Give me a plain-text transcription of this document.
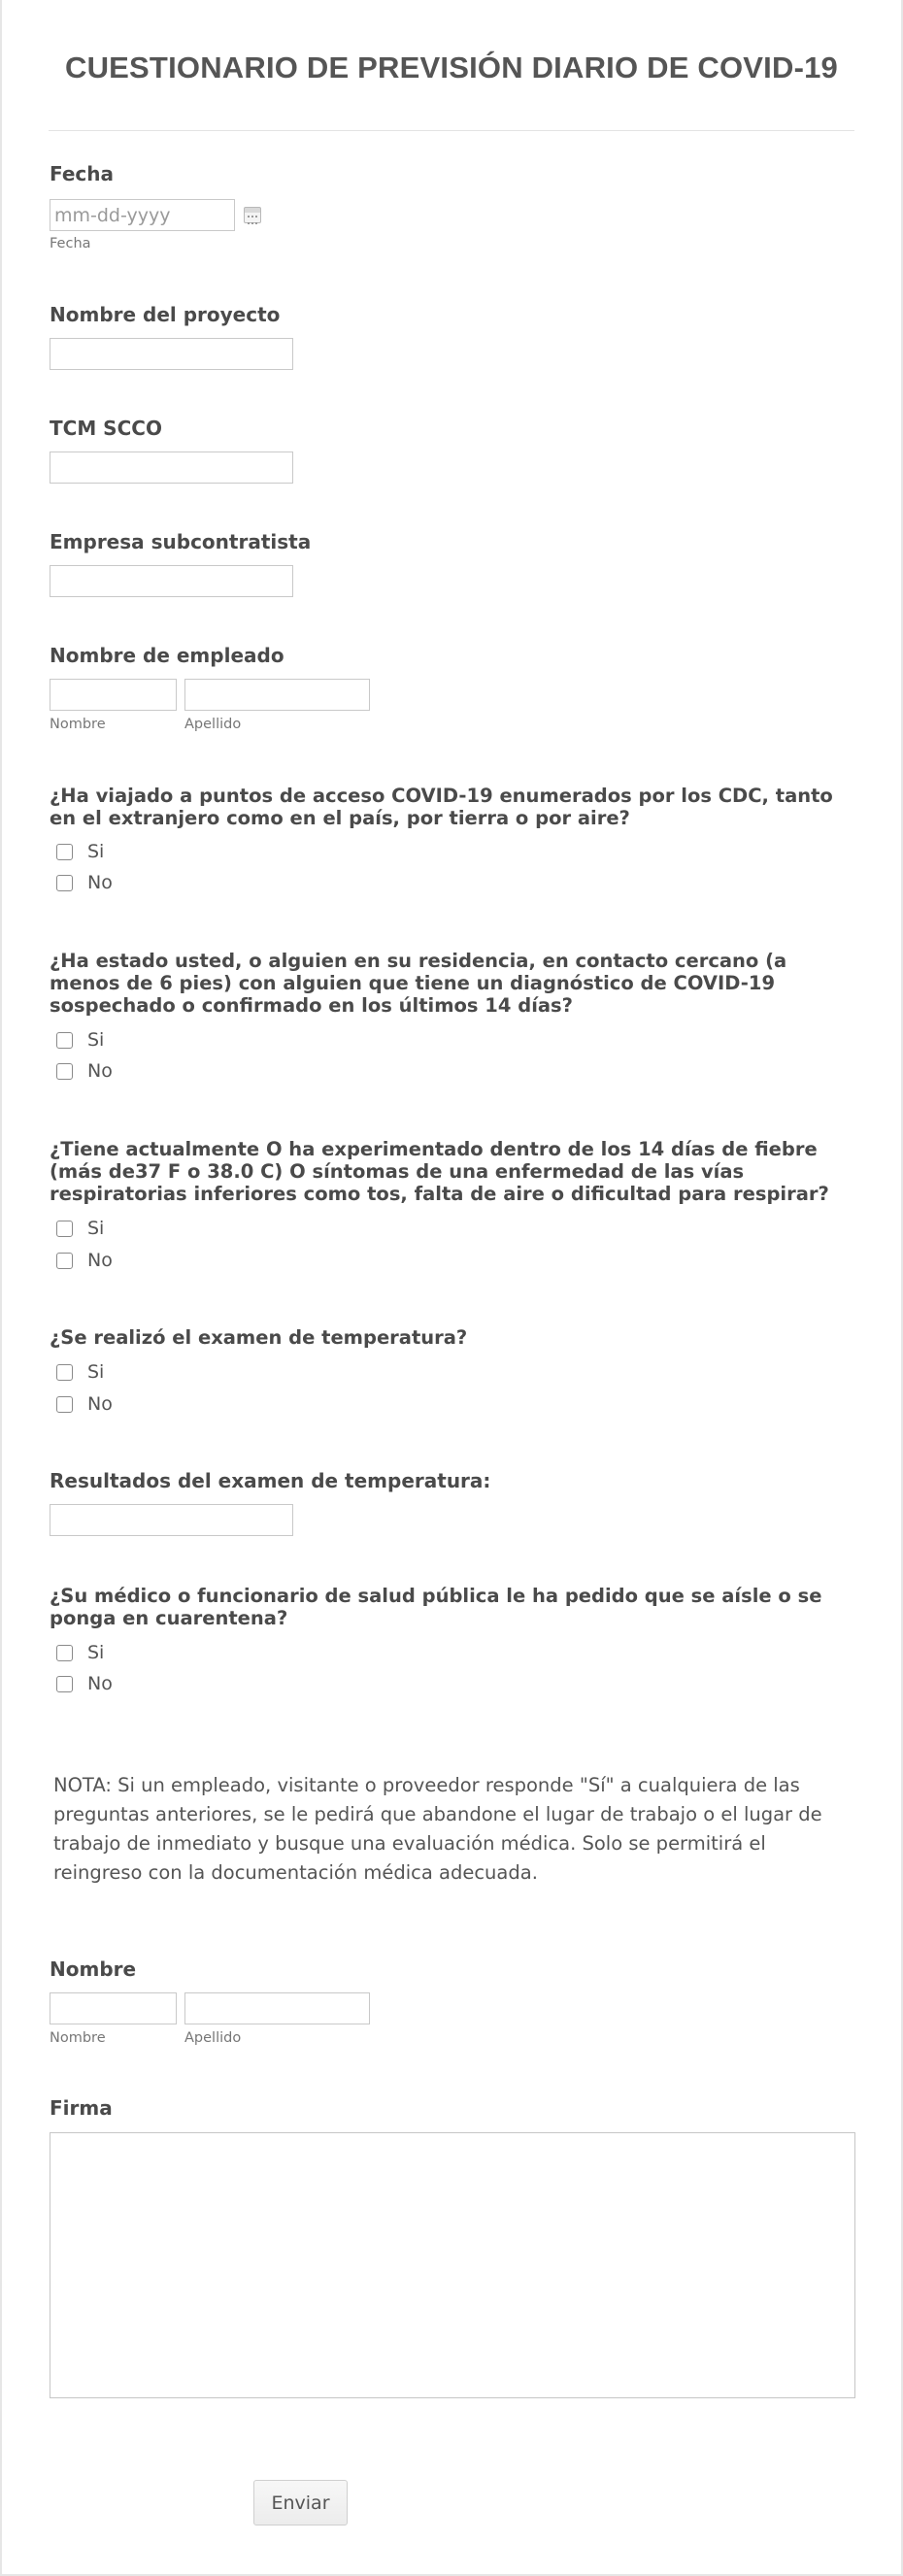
CUESTIONARIO DE PREVISIÓN DIARIO DE COVID-19
Fecha
mm-dd-yyyy
Fecha
Nombre del proyecto
TCM SCCO
Empresa subcontratista
Nombre de empleado
Nombre	Apellido
¿Ha viajado a puntos de acceso COVID-19 enumerados por los CDC, tanto en el extranjero como en el país, por tierra o por aire?
Si
No
¿Ha estado usted, o alguien en su residencia, en contacto cercano (a menos de 6 pies) con alguien que tiene un diagnóstico de COVID-19 sospechado o confirmado en los últimos 14 días?
Si
No
¿Tiene actualmente O ha experimentado dentro de los 14 días de fiebre (más de37 F o 38.0 C) O síntomas de una enfermedad de las vías respiratorias inferiores como tos, falta de aire o dificultad para respirar?
Si
No
¿Se realizó el examen de temperatura?
Si
No
Resultados del examen de temperatura:
¿Su médico o funcionario de salud pública le ha pedido que se aísle o se ponga en cuarentena?
Si
No

NOTA: Si un empleado, visitante o proveedor responde "Sí" a cualquiera de las preguntas anteriores, se le pedirá que abandone el lugar de trabajo o el lugar de trabajo de inmediato y busque una evaluación médica. Solo se permitirá el reingreso con la documentación médica adecuada.

Nombre
Nombre	Apellido
Firma
Enviar
